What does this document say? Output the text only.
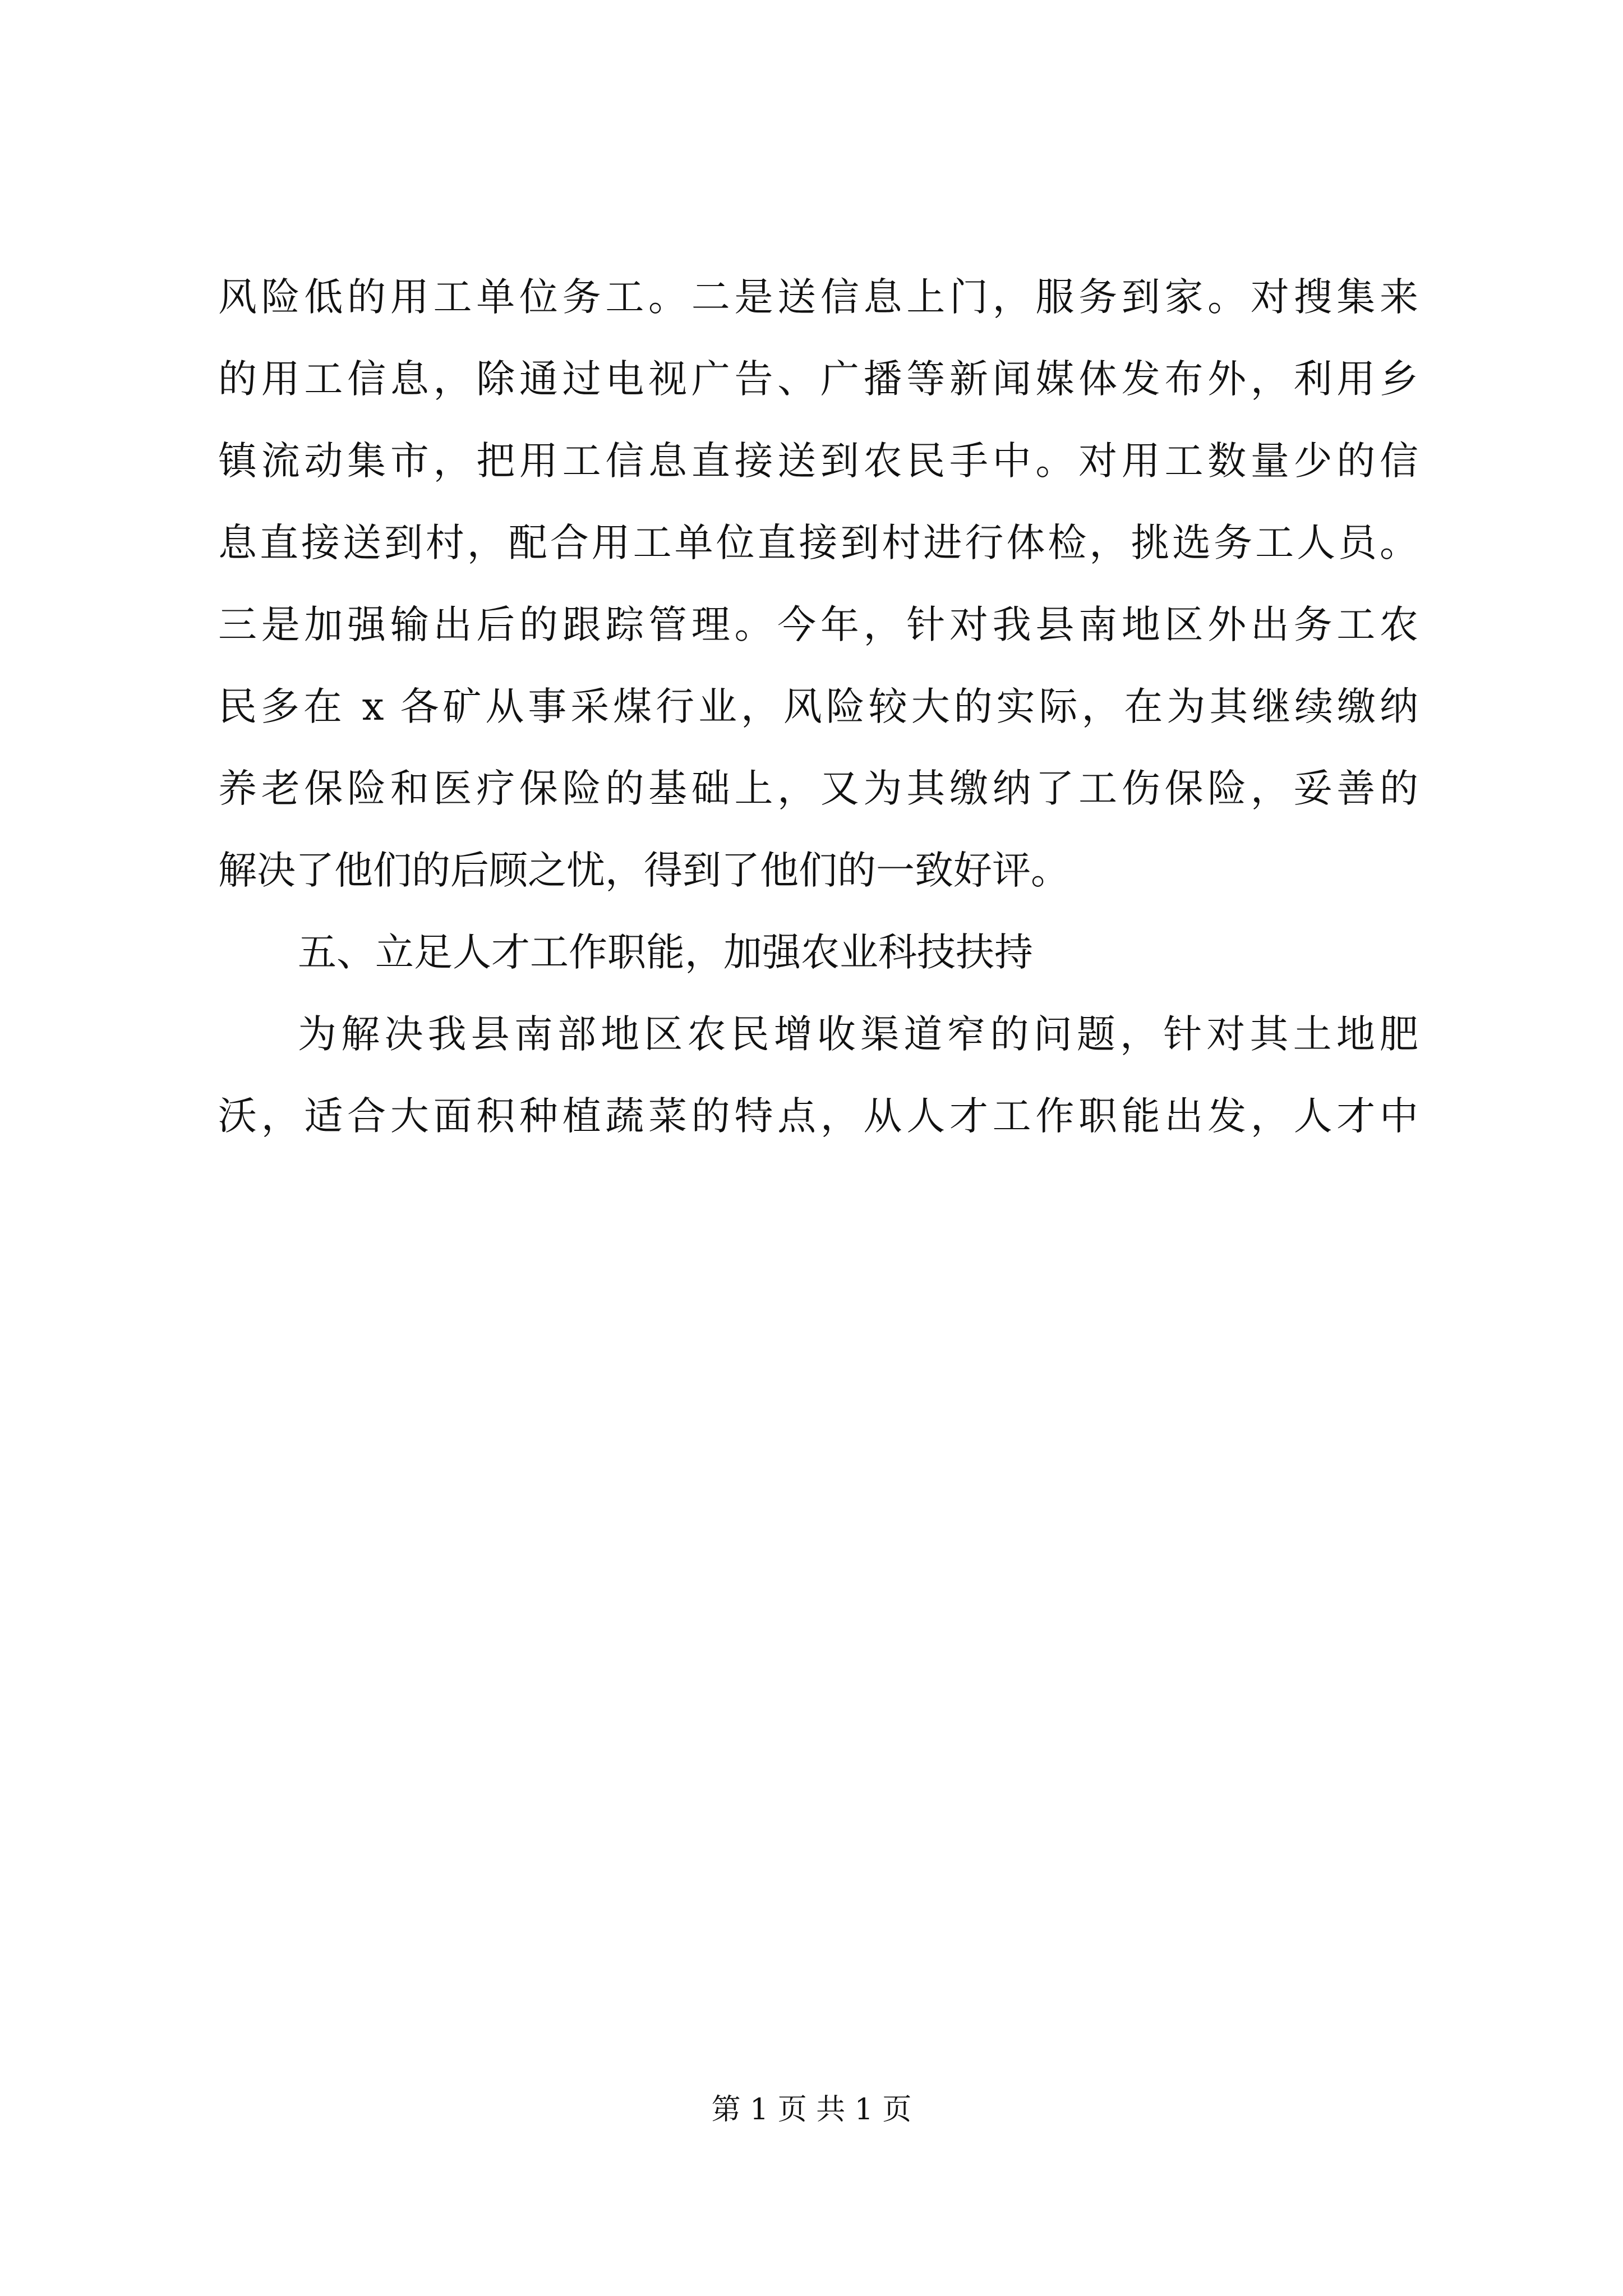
风险低的用工单位务工。二是送信息上门，服务到家。对搜集来
的用工信息，除通过电视广告、广播等新闻媒体发布外，利用乡
镇流动集市，把用工信息直接送到农民手中。对用工数量少的信
息直接送到村，配合用工单位直接到村进行体检，挑选务工人员。
三是加强输出后的跟踪管理。今年，针对我县南地区外出务工农
民多在 x 各矿从事采煤行业，风险较大的实际，在为其继续缴纳
养老保险和医疗保险的基础上，又为其缴纳了工伤保险，妥善的
解决了他们的后顾之忧，得到了他们的一致好评。
五、立足人才工作职能，加强农业科技扶持
为解决我县南部地区农民增收渠道窄的问题，针对其土地肥
沃，适合大面积种植蔬菜的特点，从人才工作职能出发，人才中
第 1 页 共 1 页
